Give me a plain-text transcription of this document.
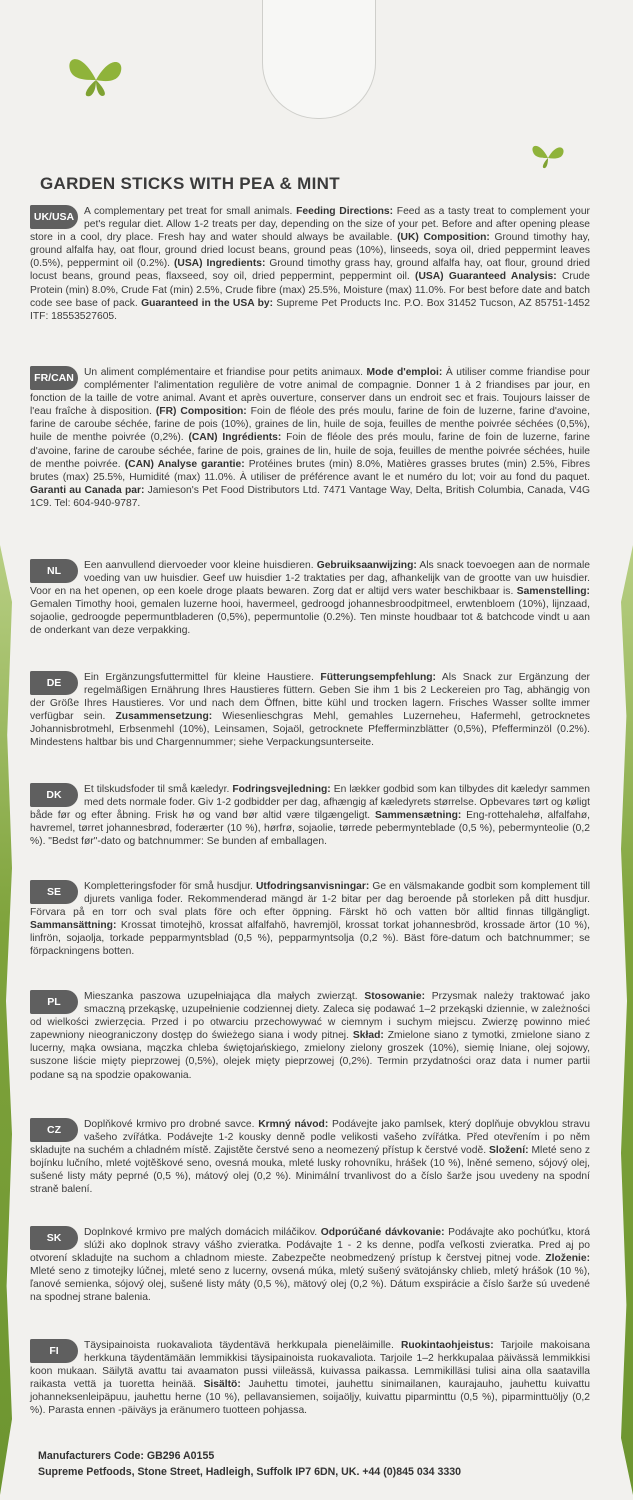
GARDEN STICKS WITH PEA & MINT
UK/USA A complementary pet treat for small animals. Feeding Directions: Feed as a tasty treat to complement your pet's regular diet. Allow 1-2 treats per day, depending on the size of your pet. Before and after opening please store in a cool, dry place. Fresh hay and water should always be available. (UK) Composition: Ground timothy hay, ground alfalfa hay, oat flour, ground dried locust beans, ground peas (10%), linseeds, soya oil, dried peppermint leaves (0.5%), peppermint oil (0.2%). (USA) Ingredients: Ground timothy grass hay, ground alfalfa hay, oat flour, ground dried locust beans, ground peas, flaxseed, soy oil, dried peppermint, peppermint oil. (USA) Guaranteed Analysis: Crude Protein (min) 8.0%, Crude Fat (min) 2.5%, Crude fibre (max) 25.5%, Moisture (max) 11.0%. For best before date and batch code see base of pack. Guaranteed in the USA by: Supreme Pet Products Inc. P.O. Box 31452 Tucson, AZ 85751-1452 ITF: 18553527605.
FR/CAN Un aliment complémentaire et friandise pour petits animaux. Mode d'emploi: À utiliser comme friandise pour complémenter l'alimentation regulière de votre animal de compagnie. Donner 1 à 2 friandises par jour, en fonction de la taille de votre animal. Avant et après ouverture, conserver dans un endroit sec et frais. Toujours laisser de l'eau fraîche à disposition. (FR) Composition: Foin de fléole des prés moulu, farine de foin de luzerne, farine d'avoine, farine de caroube séchée, farine de pois (10%), graines de lin, huile de soja, feuilles de menthe poivrée séchées (0,5%), huile de menthe poivrée (0,2%). (CAN) Ingrédients: Foin de fléole des prés moulu, farine de foin de luzerne, farine d'avoine, farine de caroube séchée, farine de pois, graines de lin, huile de soja, feuilles de menthe poivrée séchées, huile de menthe poivrée. (CAN) Analyse garantie: Protéines brutes (min) 8.0%, Matières grasses brutes (min) 2.5%, Fibres brutes (max) 25.5%, Humidité (max) 11.0%. À utiliser de préférence avant le et numéro du lot; voir au fond du paquet. Garanti au Canada par: Jamieson's Pet Food Distributors Ltd. 7471 Vantage Way, Delta, British Columbia, Canada, V4G 1C9. Tel: 604-940-9787.
NL	Een aanvullend diervoeder voor kleine huisdieren. Gebruiksaanwijzing: Als snack toevoegen aan de normale voeding van uw huisdier. Geef uw huisdier 1-2 traktaties per dag, afhankelijk van de grootte van uw huisdier. Voor en na het openen, op een koele droge plaats bewaren. Zorg dat er altijd vers water beschikbaar is. Samenstelling: Gemalen Timothy hooi, gemalen luzerne hooi, havermeel, gedroogd johannesbroodpitmeel, erwtenbloem (10%), lijnzaad, sojaolie, gedroogde pepermuntbladeren (0,5%), pepermuntolie (0.2%). Ten minste houdbaar tot & batchcode vindt u aan de onderkant van deze verpakking.
DE	Ein Ergänzungsfuttermittel für kleine Haustiere. Fütterungsempfehlung: Als Snack zur Ergänzung der regelmäßigen Ernährung Ihres Haustieres füttern. Geben Sie ihm 1 bis 2 Leckereien pro Tag, abhängig von der Größe Ihres Haustieres. Vor und nach dem Öffnen, bitte kühl und trocken lagern. Frisches Wasser sollte immer verfügbar sein. Zusammensetzung: Wiesenlieschgras Mehl, gemahles Luzerneheu, Hafermehl, getrocknetes Johannisbrotmehl, Erbsenmehl (10%), Leinsamen, Sojaöl, getrocknete Pfefferminzblätter (0,5%), Pfefferminzöl (0.2%). Mindestens haltbar bis und Chargennummer; siehe Verpackungsunterseite.
DK	Et tilskudsfoder til små kæledyr. Fodringsvejledning: En lækker godbid som kan tilbydes dit kæledyr sammen med dets normale foder. Giv 1-2 godbidder per dag, afhængig af kæledyrets størrelse. Opbevares tørt og køligt både før og efter åbning. Frisk hø og vand bør altid være tilgængeligt. Sammensætning: Eng-rottehalehø, alfalfahø, havremel, tørret johannesbrød, foderærter (10 %), hørfrø, sojaolie, tørrede pebermynteblade (0,5 %), pebermynteolie (0,2 %). "Bedst før"-dato og batchnummer: Se bunden af emballagen.
SE	Kompletteringsfoder för små husdjur. Utfodringsanvisningar: Ge en välsmakande godbit som komplement till djurets vanliga foder. Rekommenderad mängd är 1-2 bitar per dag beroende på storleken på ditt husdjur. Förvara på en torr och sval plats före och efter öppning. Färskt hö och vatten bör alltid finnas tillgängligt. Sammansättning: Krossat timotejhö, krossat alfalfahö, havremjöl, krossat torkat johannesbröd, krossade ärtor (10 %), linfrön, sojaolja, torkade pepparmyntsblad (0,5 %), pepparmyntsolja (0,2 %). Bäst före-datum och batchnummer; se förpackningens botten.
PL	Mieszanka paszowa uzupełniająca dla małych zwierząt. Stosowanie: Przysmak należy traktować jako smaczną przekąskę, uzupełnienie codziennej diety. Zaleca się podawać 1–2 przekąski dziennie, w zależności od wielkości zwierzęcia. Przed i po otwarciu przechowywać w ciemnym i suchym miejscu. Zwierzę powinno mieć zapewniony nieograniczony dostęp do świeżego siana i wody pitnej. Skład: Zmielone siano z tymotki, zmielone siano z lucerny, mąka owsiana, mączka chleba świętojańskiego, zmielony zielony groszek (10%), siemię lniane, olej sojowy, suszone liście mięty pieprzowej (0,5%), olejek mięty pieprzowej (0,2%). Termin przydatności oraz data i numer partii podane są na spodzie opakowania.
CZ	Doplňkové krmivo pro drobné savce. Krmný návod: Podávejte jako pamlsek, který doplňuje obvyklou stravu vašeho zvířátka. Podávejte 1-2 kousky denně podle velikosti vašeho zvířátka. Před otevřením i po něm skladujte na suchém a chladném místě. Zajistěte čerstvé seno a neomezený přístup k čerstvé vodě. Složení: Mleté seno z bojínku lučního, mleté vojtěškové seno, ovesná mouka, mleté lusky rohovníku, hrášek (10 %), lněné semeno, sójový olej, sušené listy máty peprné (0,5 %), mátový olej (0,2 %). Minimální trvanlivost do a číslo šarže jsou uvedeny na spodní straně balení.
SK	Doplnkové krmivo pre malých domácich miláčikov. Odporúčané dávkovanie: Podávajte ako pochúťku, ktorá slúži ako doplnok stravy vášho zvieratka. Podávajte 1 - 2 ks denne, podľa veľkosti zvieratka. Pred aj po otvorení skladujte na suchom a chladnom mieste. Zabezpečte neobmedzený prístup k čerstvej pitnej vode. Zloženie: Mleté seno z timotejky lúčnej, mleté seno z lucerny, ovsená múka, mletý sušený svätojánsky chlieb, mletý hrášok (10 %), ľanové semienka, sójový olej, sušené listy máty (0,5 %), mätový olej (0,2 %). Dátum exspirácie a číslo šarže sú uvedené na spodnej strane balenia.
FI	Täysipainoista ruokavaliota täydentävä herkkupala pieneläimille. Ruokintaohjeistus: Tarjoile makoisana herkkuna täydentämään lemmikkisi täysipainoista ruokavaliota. Tarjoile 1–2 herkkupalaa päivässä lemmikkisi koon mukaan. Säilytä avattu tai avaamaton pussi viileässä, kuivassa paikassa. Lemmikilläsi tulisi aina olla saatavilla raikasta vettä ja tuoretta heinää. Sisältö: Jauhettu timotei, jauhettu sinimailanen, kaurajauho, jauhettu kuivattu johanneksenleipäpuu, jauhettu herne (10 %), pellavansiemen, soijaöljy, kuivattu piparminttu (0,5 %), piparminttuöljy (0,2 %). Parasta ennen -päiväys ja eränumero tuotteen pohjassa.
Manufacturers Code: GB296 A0155
Supreme Petfoods, Stone Street, Hadleigh, Suffolk IP7 6DN, UK. +44 (0)845 034 3330
